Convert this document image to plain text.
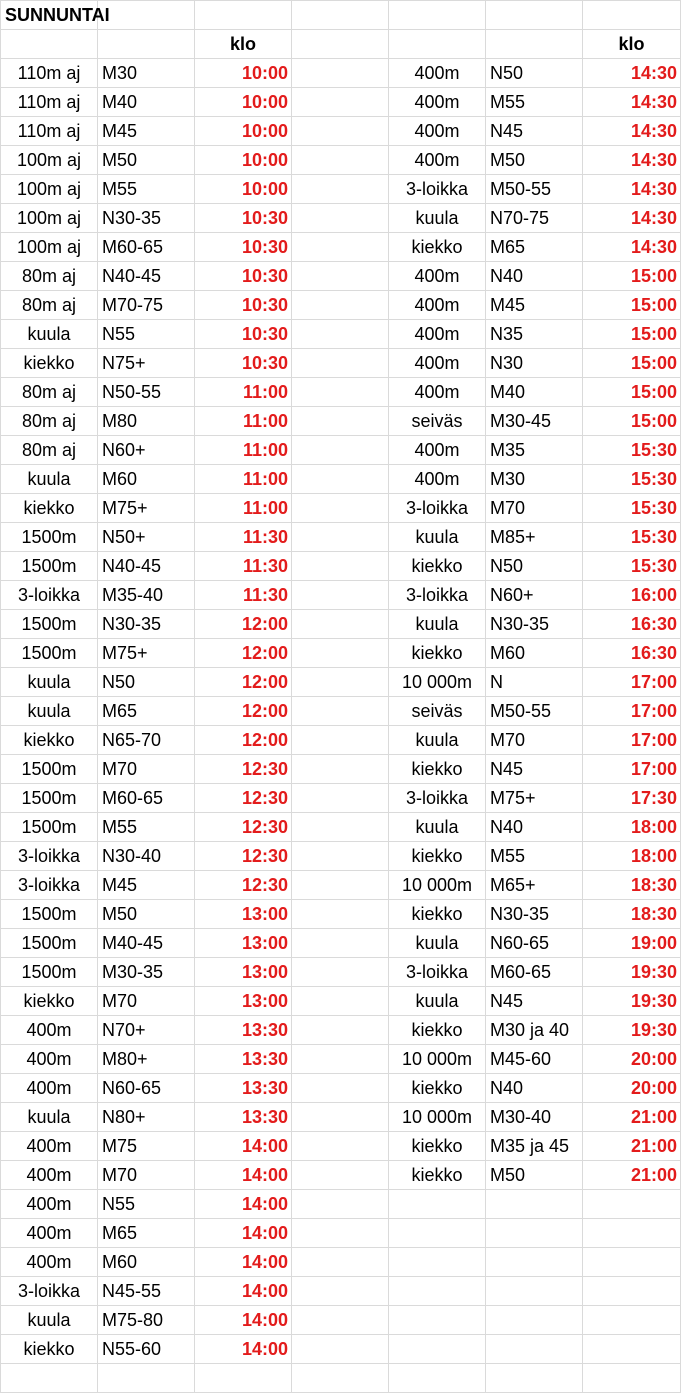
SUNNUNTAI						
		klo				klo
110m aj	M30	10:00		400m	N50	14:30
110m aj	M40	10:00		400m	M55	14:30
110m aj	M45	10:00		400m	N45	14:30
100m aj	M50	10:00		400m	M50	14:30
100m aj	M55	10:00		3-loikka	M50-55	14:30
100m aj	N30-35	10:30		kuula	N70-75	14:30
100m aj	M60-65	10:30		kiekko	M65	14:30
80m aj	N40-45	10:30		400m	N40	15:00
80m aj	M70-75	10:30		400m	M45	15:00
kuula	N55	10:30		400m	N35	15:00
kiekko	N75+	10:30		400m	N30	15:00
80m aj	N50-55	11:00		400m	M40	15:00
80m aj	M80	11:00		seiväs	M30-45	15:00
80m aj	N60+	11:00		400m	M35	15:30
kuula	M60	11:00		400m	M30	15:30
kiekko	M75+	11:00		3-loikka	M70	15:30
1500m	N50+	11:30		kuula	M85+	15:30
1500m	N40-45	11:30		kiekko	N50	15:30
3-loikka	M35-40	11:30		3-loikka	N60+	16:00
1500m	N30-35	12:00		kuula	N30-35	16:30
1500m	M75+	12:00		kiekko	M60	16:30
kuula	N50	12:00		10 000m	N	17:00
kuula	M65	12:00		seiväs	M50-55	17:00
kiekko	N65-70	12:00		kuula	M70	17:00
1500m	M70	12:30		kiekko	N45	17:00
1500m	M60-65	12:30		3-loikka	M75+	17:30
1500m	M55	12:30		kuula	N40	18:00
3-loikka	N30-40	12:30		kiekko	M55	18:00
3-loikka	M45	12:30		10 000m	M65+	18:30
1500m	M50	13:00		kiekko	N30-35	18:30
1500m	M40-45	13:00		kuula	N60-65	19:00
1500m	M30-35	13:00		3-loikka	M60-65	19:30
kiekko	M70	13:00		kuula	N45	19:30
400m	N70+	13:30		kiekko	M30 ja 40	19:30
400m	M80+	13:30		10 000m	M45-60	20:00
400m	N60-65	13:30		kiekko	N40	20:00
kuula	N80+	13:30		10 000m	M30-40	21:00
400m	M75	14:00		kiekko	M35 ja 45	21:00
400m	M70	14:00		kiekko	M50	21:00
400m	N55	14:00				
400m	M65	14:00				
400m	M60	14:00				
3-loikka	N45-55	14:00				
kuula	M75-80	14:00				
kiekko	N55-60	14:00				
